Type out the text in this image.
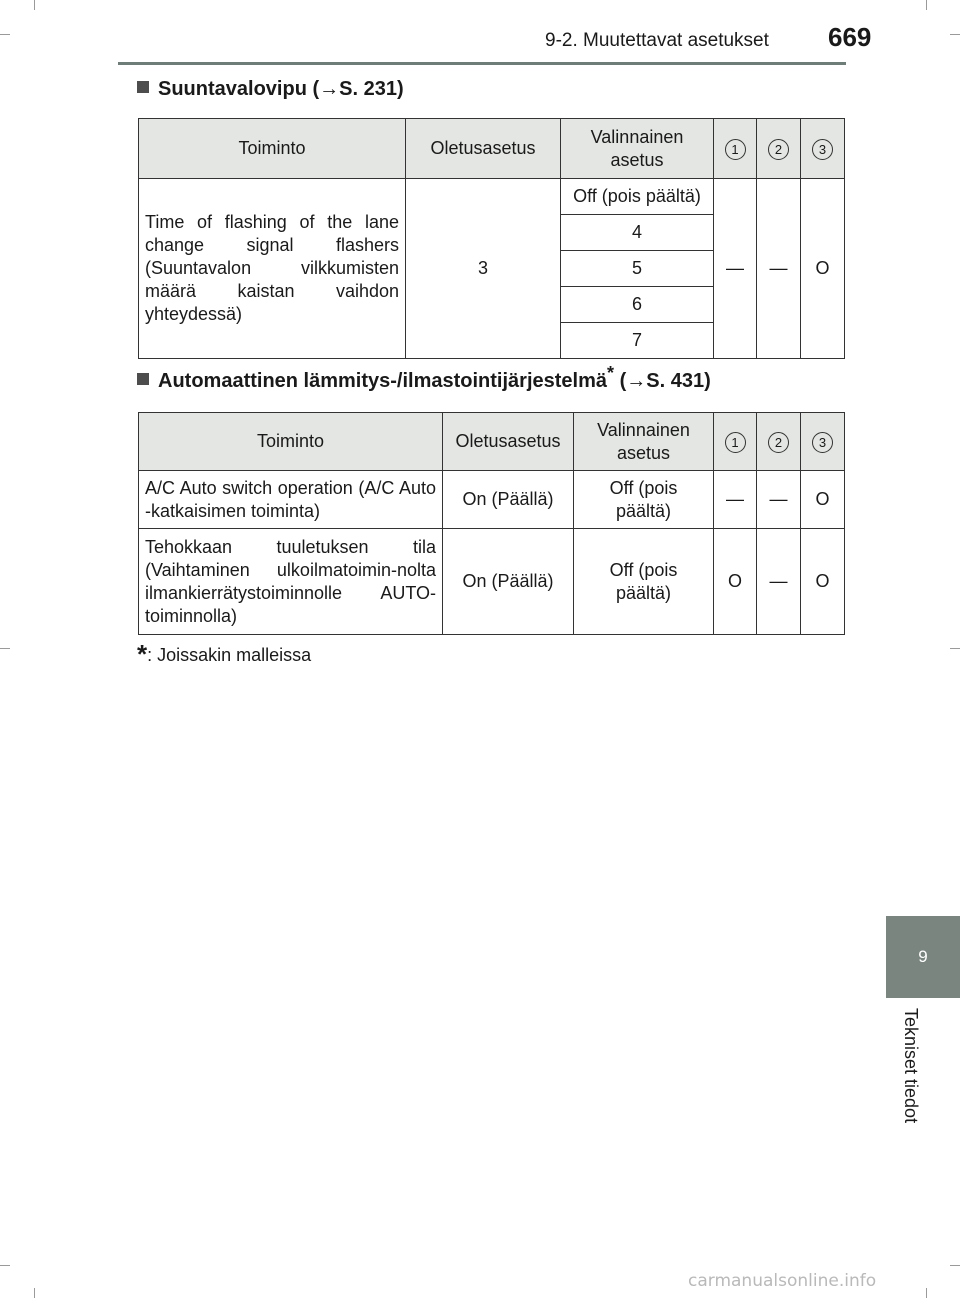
9-2. Muutettavat asetukset 669
Suuntavalovipu (→S. 231)
Toiminto	Oletusasetus	Valinnainen asetus	1	2	3
Time of flashing of the lane change signal flashers (Suuntavalon vilkkumisten määrä kaistan vaihdon yhteydessä)	3	Off (pois päältä)	—	—	O
		4			
		5			
		6			
		7			
Automaattinen lämmitys-/ilmastointijärjestelmä* (→S. 431)
Toiminto	Oletusasetus	Valinnainen asetus	1	2	3
A/C Auto switch operation (A/C Auto -katkaisimen toiminta)	On (Päällä)	Off (pois päältä)	—	—	O
Tehokkaan tuuletuksen tila (Vaihtaminen ulkoilmatoimin-nolta ilmankierrätystoiminnolle AUTO-toiminnolla)	On (Päällä)	Off (pois päältä)	O	—	O
*: Joissakin malleissa
9
Tekniset tiedot
carmanualsonline.info
